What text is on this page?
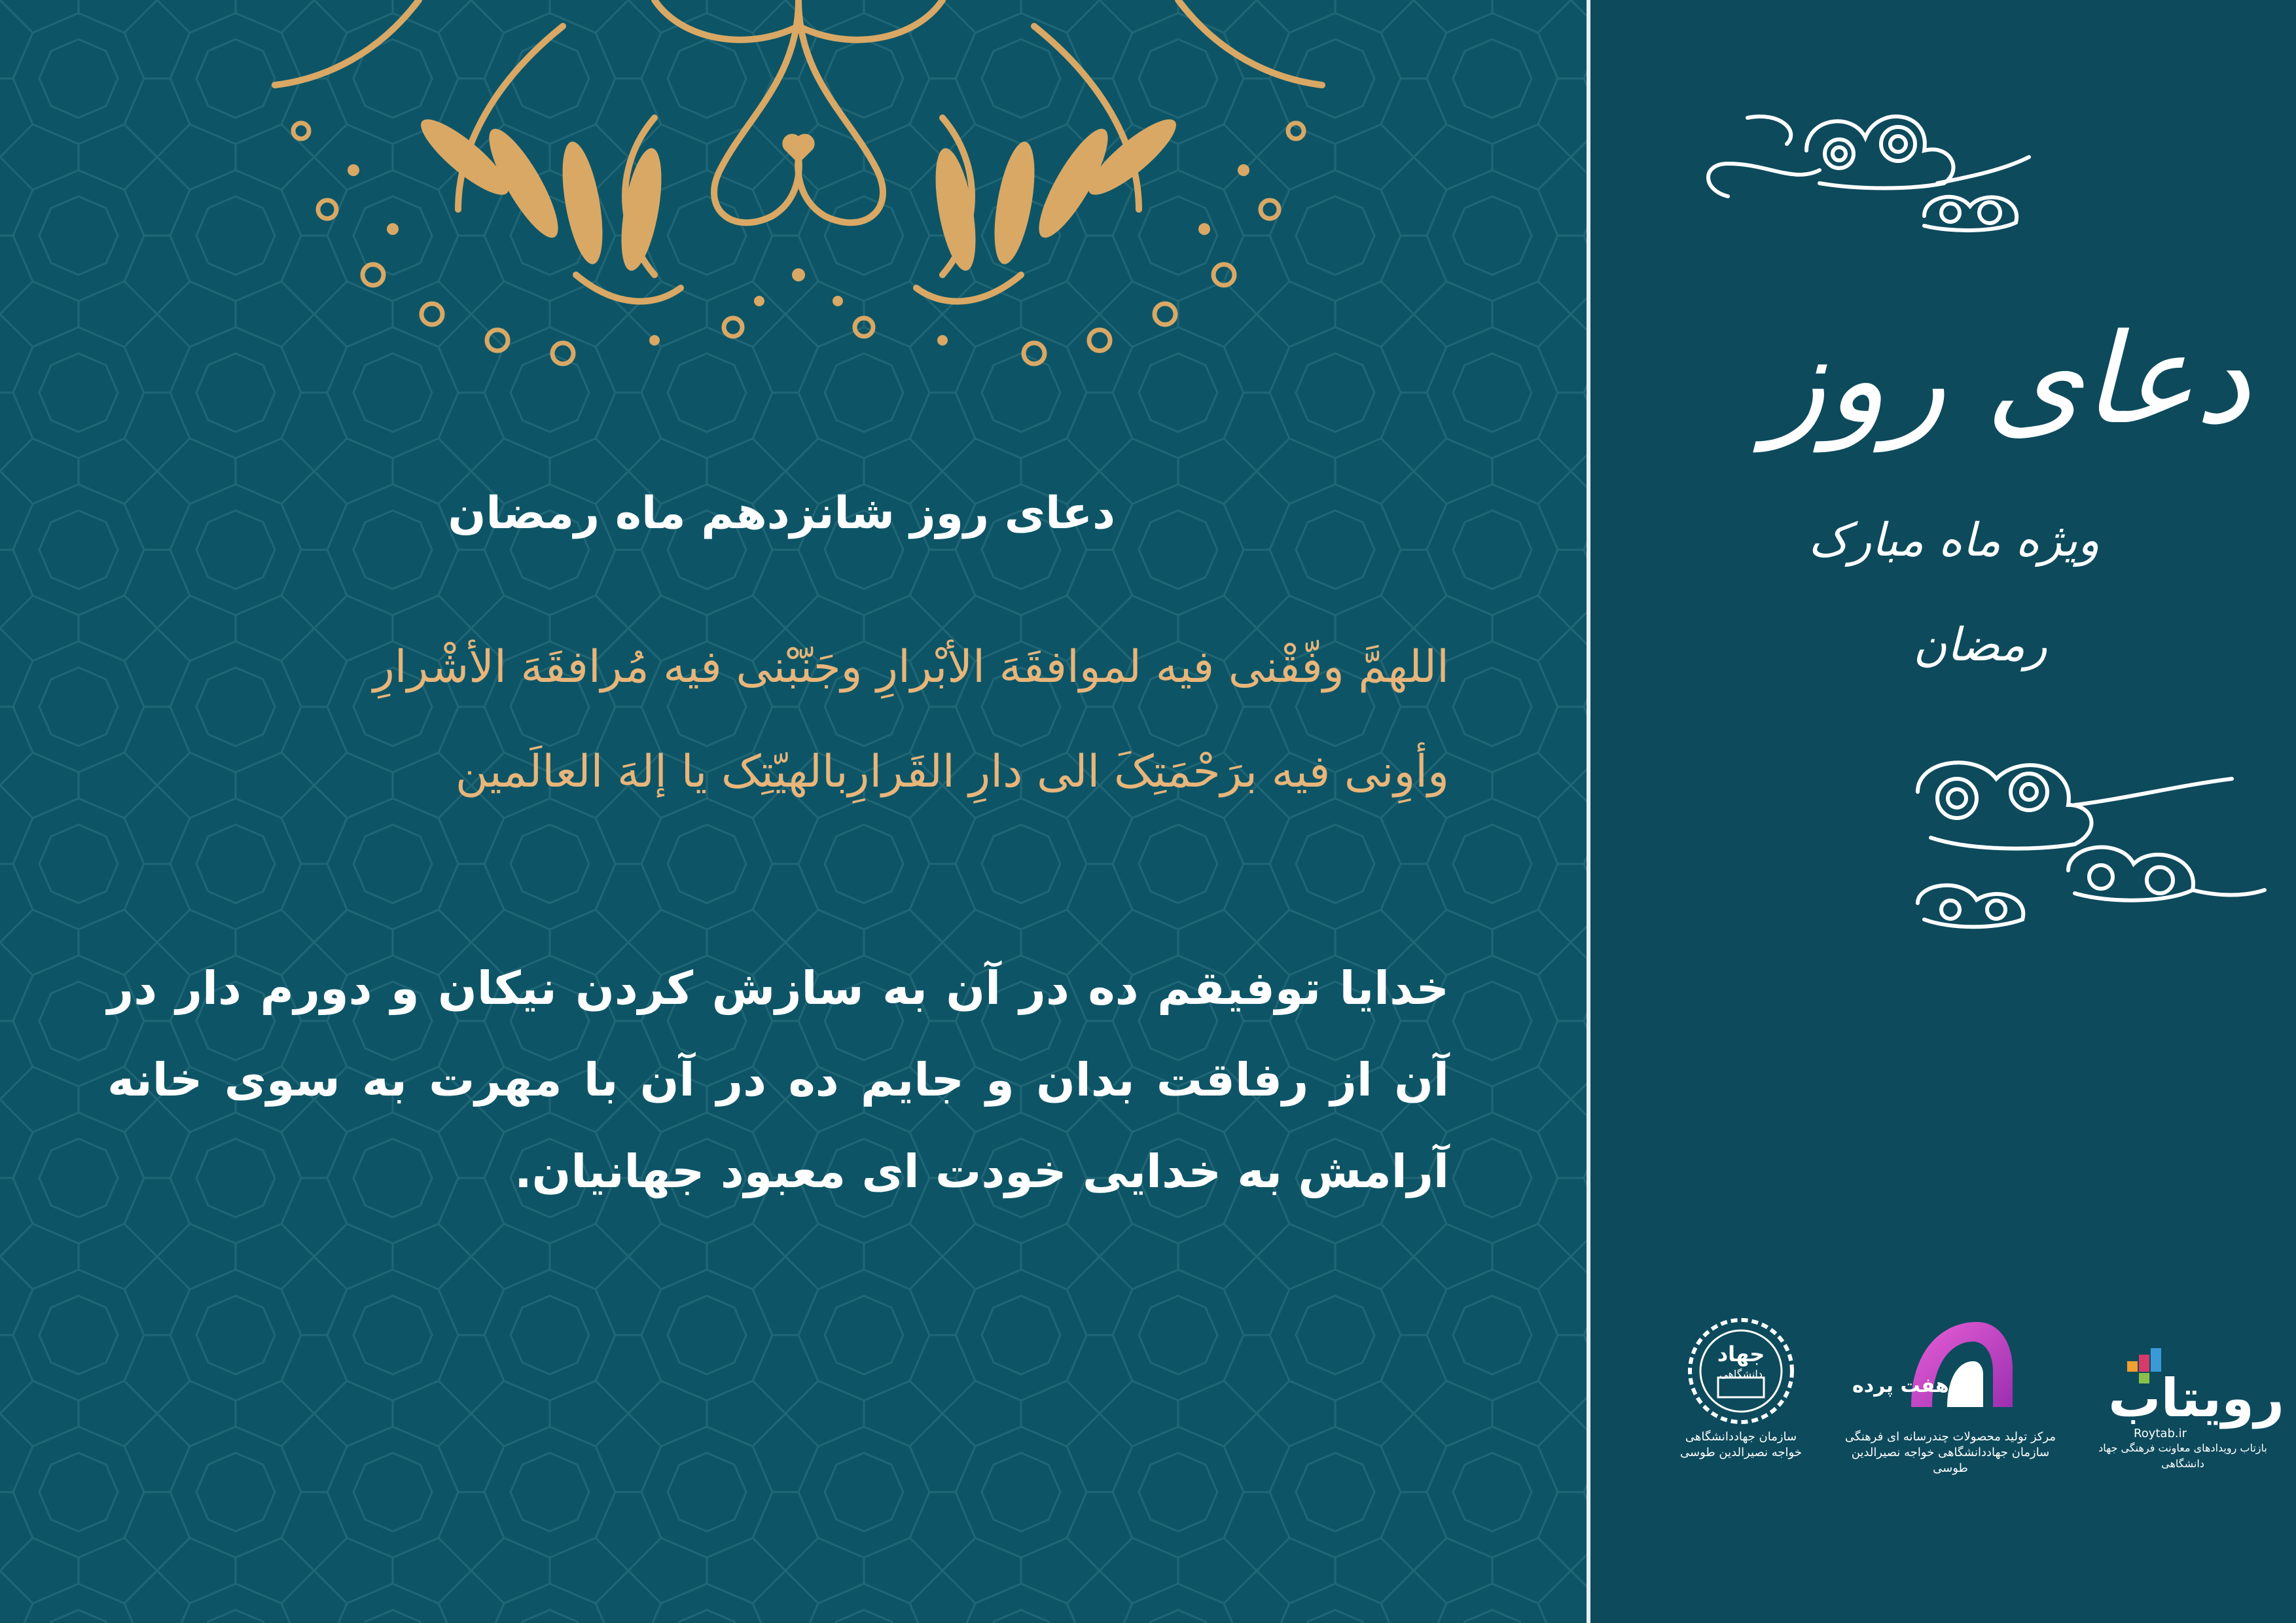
دعای روز شانزدهم ماه رمضان
اللهمَّ وفّقْنی فیه لموافقَهَ الأبْرارِ وجَنّبْنی فیه مُرافقَهَ الأشْرارِ
وأوِنی فیه برَحْمَتِکَ الی دارِ القَرارِبالهیّتِک یا إلهَ العالَمین
خدایا توفیقم ده در آن به سازش کردن نیکان و دورم دار در آن از رفاقت بدان و جایم ده در آن با مهرت به سوی خانه آرامش به خدایی خودت ای معبود جهانیان.
دعای روز
ویژه ماه مبارک
رمضان
جهاد
دانشگاهی
سازمان جهاددانشگاهی
خواجه نصیرالدین طوسی
هفت پرده
مرکز تولید محصولات چندرسانه ای فرهنگی
سازمان جهاددانشگاهی خواجه نصیرالدین طوسی
رویتاب
Roytab.ir
بازتاب رویدادهای معاونت فرهنگی جهاد دانشگاهی
